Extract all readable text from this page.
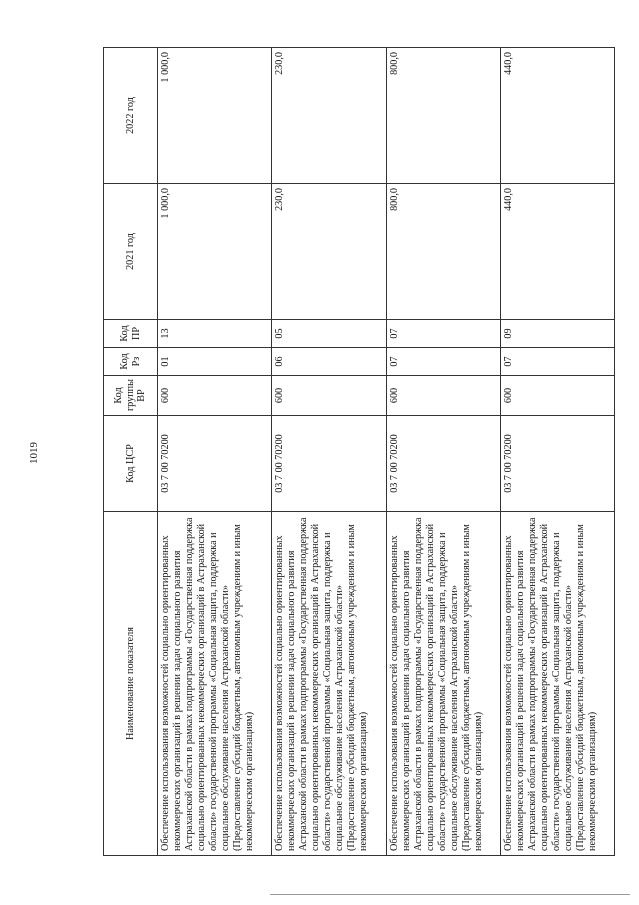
1019
Наименование показателя	Код ЦСР	Код группы ВР	Код Рз	Код ПР	2021 год	2022 год
Обеспечение использования возможностей социально ориентированных некоммерческих организаций в решении задач социального развития Астраханской области в рамках подпрограммы «Государственная поддержка социально ориентированных некоммерческих организаций в Астраханской области» государственной программы «Социальная защита, поддержка и социальное обслуживание населения Астраханской области» (Предоставление субсидий бюджетным, автономным учреждениям и иным некоммерческим организациям)	03 7 00 70200	600	01	13	1 000,0	1 000,0
Обеспечение использования возможностей социально ориентированных некоммерческих организаций в решении задач социального развития Астраханской области в рамках подпрограммы «Государственная поддержка социально ориентированных некоммерческих организаций в Астраханской области» государственной программы «Социальная защита, поддержка и социальное обслуживание населения Астраханской области» (Предоставление субсидий бюджетным, автономным учреждениям и иным некоммерческим организациям)	03 7 00 70200	600	06	05	230,0	230,0
Обеспечение использования возможностей социально ориентированных некоммерческих организаций в решении задач социального развития Астраханской области в рамках подпрограммы «Государственная поддержка социально ориентированных некоммерческих организаций в Астраханской области» государственной программы «Социальная защита, поддержка и социальное обслуживание населения Астраханской области» (Предоставление субсидий бюджетным, автономным учреждениям и иным некоммерческим организациям)	03 7 00 70200	600	07	07	800,0	800,0
Обеспечение использования возможностей социально ориентированных некоммерческих организаций в решении задач социального развития Астраханской области в рамках подпрограммы «Государственная поддержка социально ориентированных некоммерческих организаций в Астраханской области» государственной программы «Социальная защита, поддержка и социальное обслуживание населения Астраханской области» (Предоставление субсидий бюджетным, автономным учреждениям и иным некоммерческим организациям)	03 7 00 70200	600	07	09	440,0	440,0
